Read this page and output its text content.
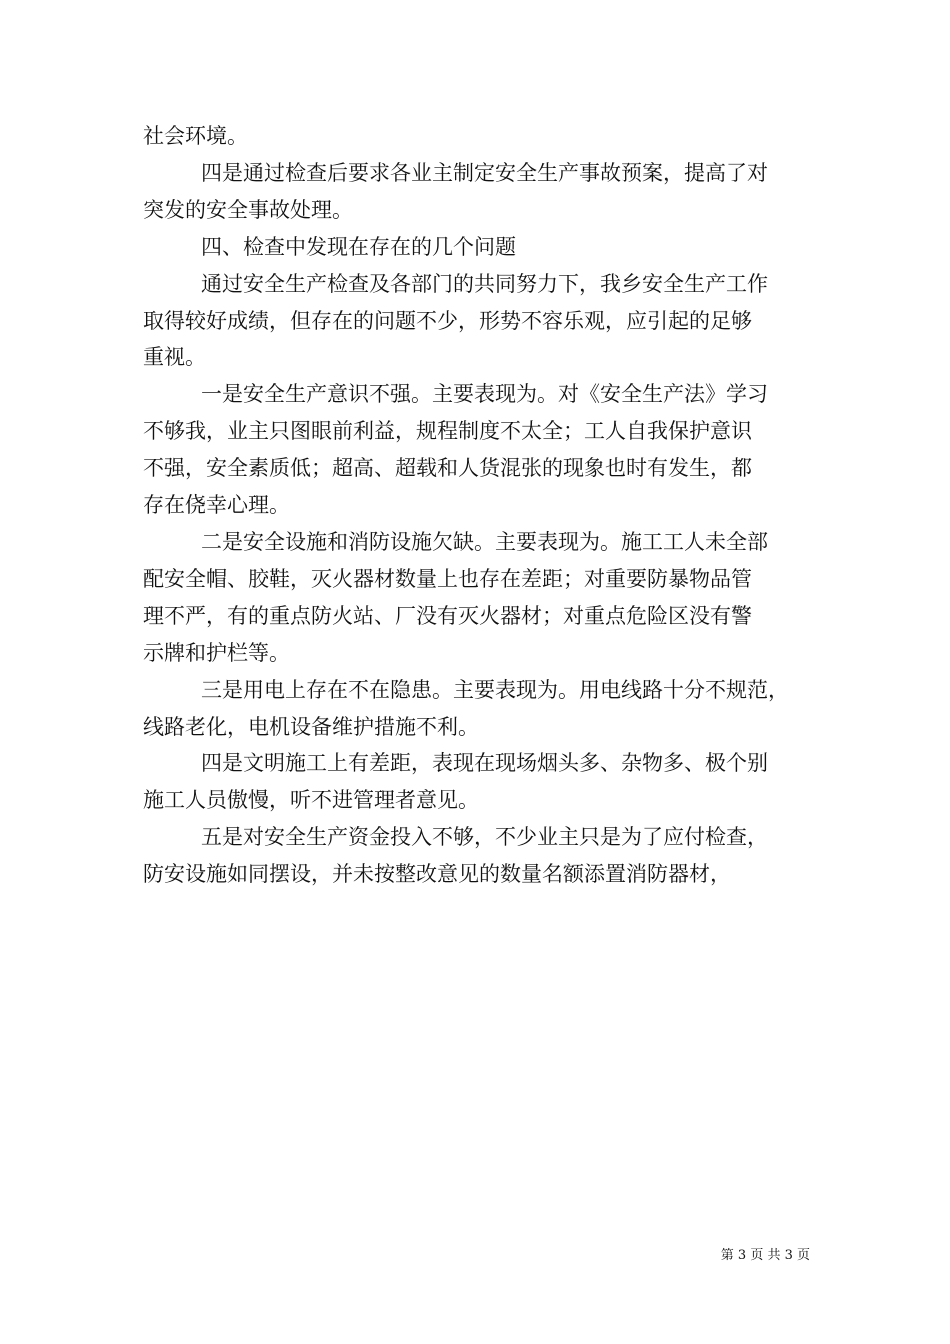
社会环境。

四是通过检查后要求各业主制定安全生产事故预案，提高了对

突发的安全事故处理。

四、检查中发现在存在的几个问题

通过安全生产检查及各部门的共同努力下，我乡安全生产工作

取得较好成绩，但存在的问题不少，形势不容乐观，应引起的足够

重视。

一是安全生产意识不强。主要表现为。对《安全生产法》学习

不够我，业主只图眼前利益，规程制度不太全；工人自我保护意识

不强，安全素质低；超高、超载和人货混张的现象也时有发生，都

存在侥幸心理。

二是安全设施和消防设施欠缺。主要表现为。施工工人未全部

配安全帽、胶鞋，灭火器材数量上也存在差距；对重要防暴物品管

理不严，有的重点防火站、厂没有灭火器材；对重点危险区没有警

示牌和护栏等。

三是用电上存在不在隐患。主要表现为。用电线路十分不规范，

线路老化，电机设备维护措施不利。

四是文明施工上有差距，表现在现场烟头多、杂物多、极个别

施工人员傲慢，听不进管理者意见。

五是对安全生产资金投入不够，不少业主只是为了应付检查，

防安设施如同摆设，并未按整改意见的数量名额添置消防器材，

第 3 页 共 3 页
